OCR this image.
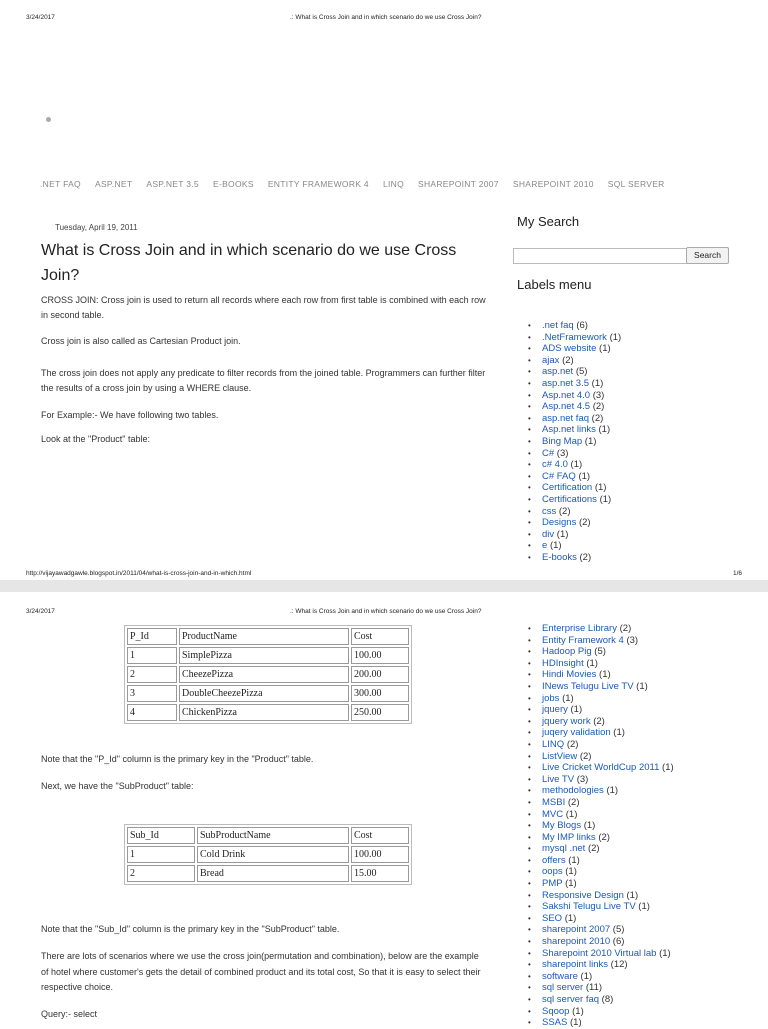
3/24/2017	.: What is Cross Join and in which scenario do we use Cross Join?
.NET FAQ ASP.NET ASP.NET 3.5 E-BOOKS ENTITY FRAMEWORK 4 LINQ SHAREPOINT 2007 SHAREPOINT 2010 SQL SERVER
Tuesday, April 19, 2011
What is Cross Join and in which scenario do we use Cross Join?
CROSS JOIN: Cross join is used to return all records where each row from first table is combined with each row in second table.
Cross join is also called as Cartesian Product join.
The cross join does not apply any predicate to filter records from the joined table. Programmers can further filter the results of a cross join by using a WHERE clause.
For Example:- We have following two tables.
Look at the "Product" table:
My Search
Search
Labels menu
• .net faq (6)
• .NetFramework (1)
• ADS website (1)
• ajax (2)
• asp.net (5)
• asp.net 3.5 (1)
• Asp.net 4.0 (3)
• Asp.net 4.5 (2)
• asp.net faq (2)
• Asp.net links (1)
• Bing Map (1)
• C# (3)
• c# 4.0 (1)
• C# FAQ (1)
• Certification (1)
• Certifications (1)
• css (2)
• Designs (2)
• div (1)
• e (1)
• E-books (2)
http://vijayawadgawle.blogspot.in/2011/04/what-is-cross-join-and-in-which.html	1/6
3/24/2017	.: What is Cross Join and in which scenario do we use Cross Join?
P_Id	ProductName	Cost
1	SimplePizza	100.00
2	CheezePizza	200.00
3	DoubleCheezePizza	300.00
4	ChickenPizza	250.00
Sub_Id	SubProductName	Cost
1	Cold Drink	100.00
2	Bread	15.00
Note that the "P_Id" column is the primary key in the "Product" table.
Next, we have the "SubProduct" table:
Note that the "Sub_Id" column is the primary key in the "SubProduct" table.
There are lots of scenarios where we use the cross join(permutation and combination), below are the example of hotel where customer's gets the detail of combined product and its total cost, So that it is easy to select their respective choice.
Query:- select
• Enterprise Library (2)
• Entity Framework 4 (3)
• Hadoop Pig (5)
• HDInsight (1)
• Hindi Movies (1)
• INews Telugu Live TV (1)
• jobs (1)
• jquery (1)
• jquery work (2)
• juqery validation (1)
• LINQ (2)
• ListView (2)
• Live Cricket WorldCup 2011 (1)
• Live TV (3)
• methodologies (1)
• MSBI (2)
• MVC (1)
• My Blogs (1)
• My IMP links (2)
• mysql .net (2)
• offers (1)
• oops (1)
• PMP (1)
• Responsive Design (1)
• Sakshi Telugu Live TV (1)
• SEO (1)
• sharepoint 2007 (5)
• sharepoint 2010 (6)
• Sharepoint 2010 Virtual lab (1)
• sharepoint links (12)
• software (1)
• sql server (11)
• sql server faq (8)
• Sqoop (1)
• SSAS (1)
